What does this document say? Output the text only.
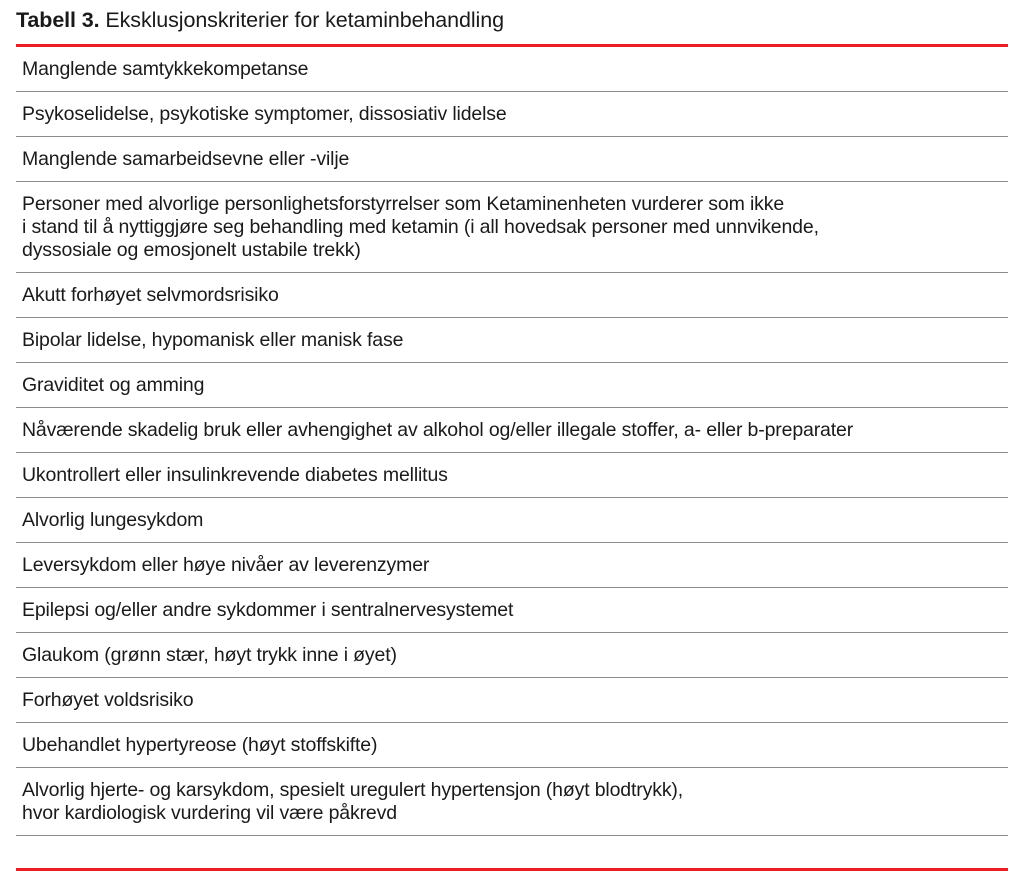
Tabell 3. Eksklusjonskriterier for ketaminbehandling
Manglende samtykkekompetanse

Psykoselidelse, psykotiske symptomer, dissosiativ lidelse

Manglende samarbeidsevne eller -vilje

Personer med alvorlige personlighetsforstyrrelser som Ketaminenheten vurderer som ikke
i stand til å nyttiggjøre seg behandling med ketamin (i all hovedsak personer med unnvikende,
dyssosiale og emosjonelt ustabile trekk)

Akutt forhøyet selvmordsrisiko

Bipolar lidelse, hypomanisk eller manisk fase

Graviditet og amming

Nåværende skadelig bruk eller avhengighet av alkohol og/eller illegale stoffer, a- eller b-preparater

Ukontrollert eller insulinkrevende diabetes mellitus

Alvorlig lungesykdom

Leversykdom eller høye nivåer av leverenzymer

Epilepsi og/eller andre sykdommer i sentralnervesystemet

Glaukom (grønn stær, høyt trykk inne i øyet)

Forhøyet voldsrisiko

Ubehandlet hypertyreose (høyt stoffskifte)

Alvorlig hjerte- og karsykdom, spesielt uregulert hypertensjon (høyt blodtrykk),
hvor kardiologisk vurdering vil være påkrevd
